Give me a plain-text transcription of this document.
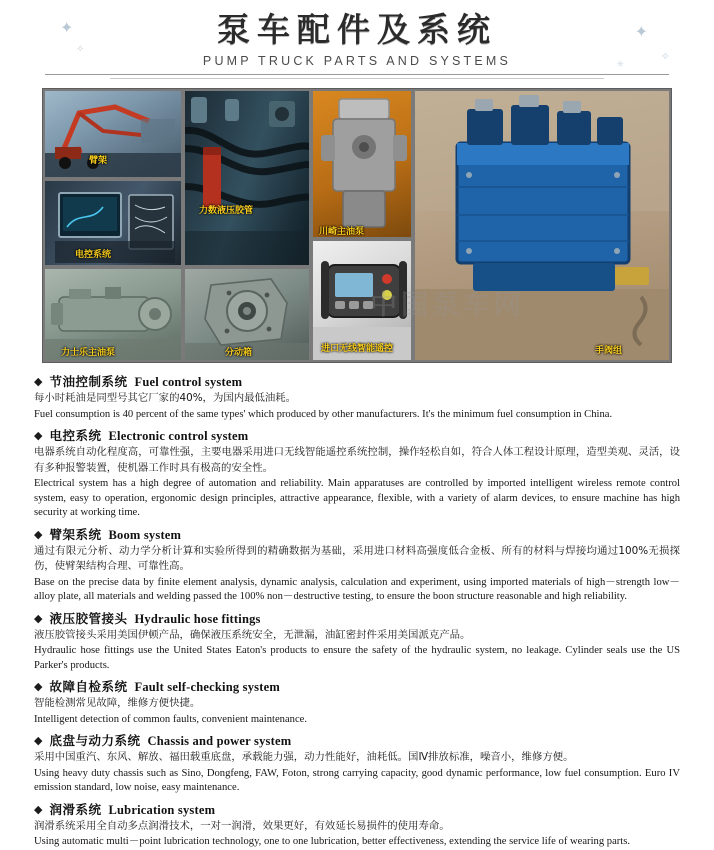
泵车配件及系统
PUMP TRUCK PARTS AND SYSTEMS
✦
✧
✦
✧
✳
臂架
电控系统
力士乐主油泵
力数液压胶管
分动箱
川崎主油泵
进口无线智能遥控	手阀组
中国泵车网
◆ 节油控制系统 Fuel control system

每小时耗油是同型号其它厂家的40%，为国内最低油耗。

Fuel consumption is 40 percent of the same types' which produced by other manufacturers. It's the minimum fuel consumption in China.

◆ 电控系统 Electronic control system

电器系统自动化程度高，可靠性强，主要电器采用进口无线智能遥控系统控制，操作轻松自如，符合人体工程设计原理，造型美观、灵活，设有多种报警装置，使机器工作时具有极高的安全性。

Electrical system has a high degree of automation and reliability. Main apparatuses are controlled by imported intelligent wireless remote control system, easy to operation, ergonomic design principles, attractive appearance, flexible, with a variety of alarm devices, to ensure machine has high security at working time.

◆ 臂架系统 Boom system

通过有限元分析、动力学分析计算和实验所得到的精确数据为基础，采用进口材料高强度低合金板、所有的材料与焊接均通过100%无损探伤，使臂架结构合理、可靠性高。

Base on the precise data by finite element analysis, dynamic analysis, calculation and experiment, using imported materials of high－strength low－alloy plate, all materials and welding passed the 100% non－destructive testing, to ensure the boon structure reasonable and high reliability.

◆ 液压胶管接头 Hydraulic hose fittings

液压胶管接头采用美国伊顿产品，确保液压系统安全，无泄漏，油缸密封件采用美国派克产品。

Hydraulic hose fittings use the United States Eaton's products to ensure the safety of the hydraulic system, no leakage. Cylinder seals use the US Parker's products.

◆ 故障自检系统 Fault self-checking system

智能检测常见故障，维修方便快捷。

Intelligent detection of common faults, convenient maintenance.

◆ 底盘与动力系统 Chassis and power system

采用中国重汽、东风、解放、福田载重底盘，承载能力强，动力性能好，油耗低。国Ⅳ排放标准，噪音小，维修方便。

Using heavy duty chassis such as Sino, Dongfeng, FAW, Foton, strong carrying capacity, good dynamic performance, low fuel consumption. Euro IV emission standard, low noise, easy maintenance.

◆ 润滑系统 Lubrication system

润滑系统采用全自动多点润滑技术，一对一润滑，效果更好，有效延长易损件的使用寿命。

Using automatic multi－point lubrication technology, one to one lubrication, better effectiveness, extending the service life of wearing parts.
